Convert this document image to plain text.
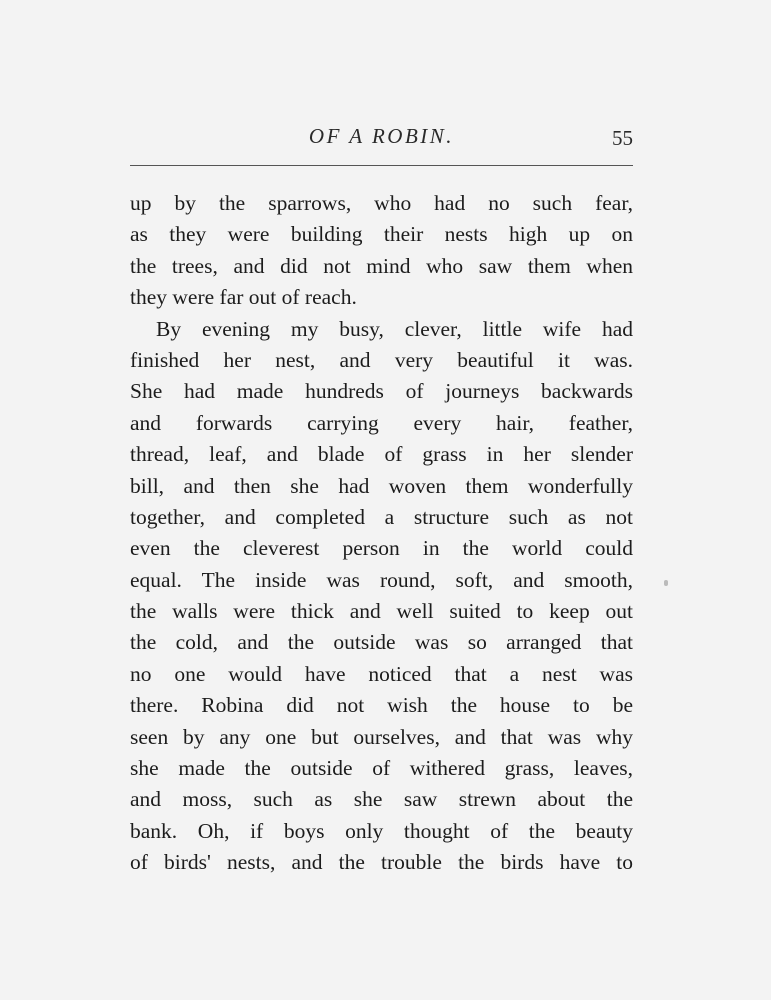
OF A ROBIN.	55
up by the sparrows, who had no such fear,
as they were building their nests high up on
the trees, and did not mind who saw them when
they were far out of reach.
By evening my busy, clever, little wife had
finished her nest, and very beautiful it was.
She had made hundreds of journeys backwards
and forwards carrying every hair, feather,
thread, leaf, and blade of grass in her slender
bill, and then she had woven them wonderfully
together, and completed a structure such as not
even the cleverest person in the world could
equal. The inside was round, soft, and smooth,
the walls were thick and well suited to keep out
the cold, and the outside was so arranged that
no one would have noticed that a nest was
there. Robina did not wish the house to be
seen by any one but ourselves, and that was why
she made the outside of withered grass, leaves,
and moss, such as she saw strewn about the
bank. Oh, if boys only thought of the beauty
of birds' nests, and the trouble the birds have to
